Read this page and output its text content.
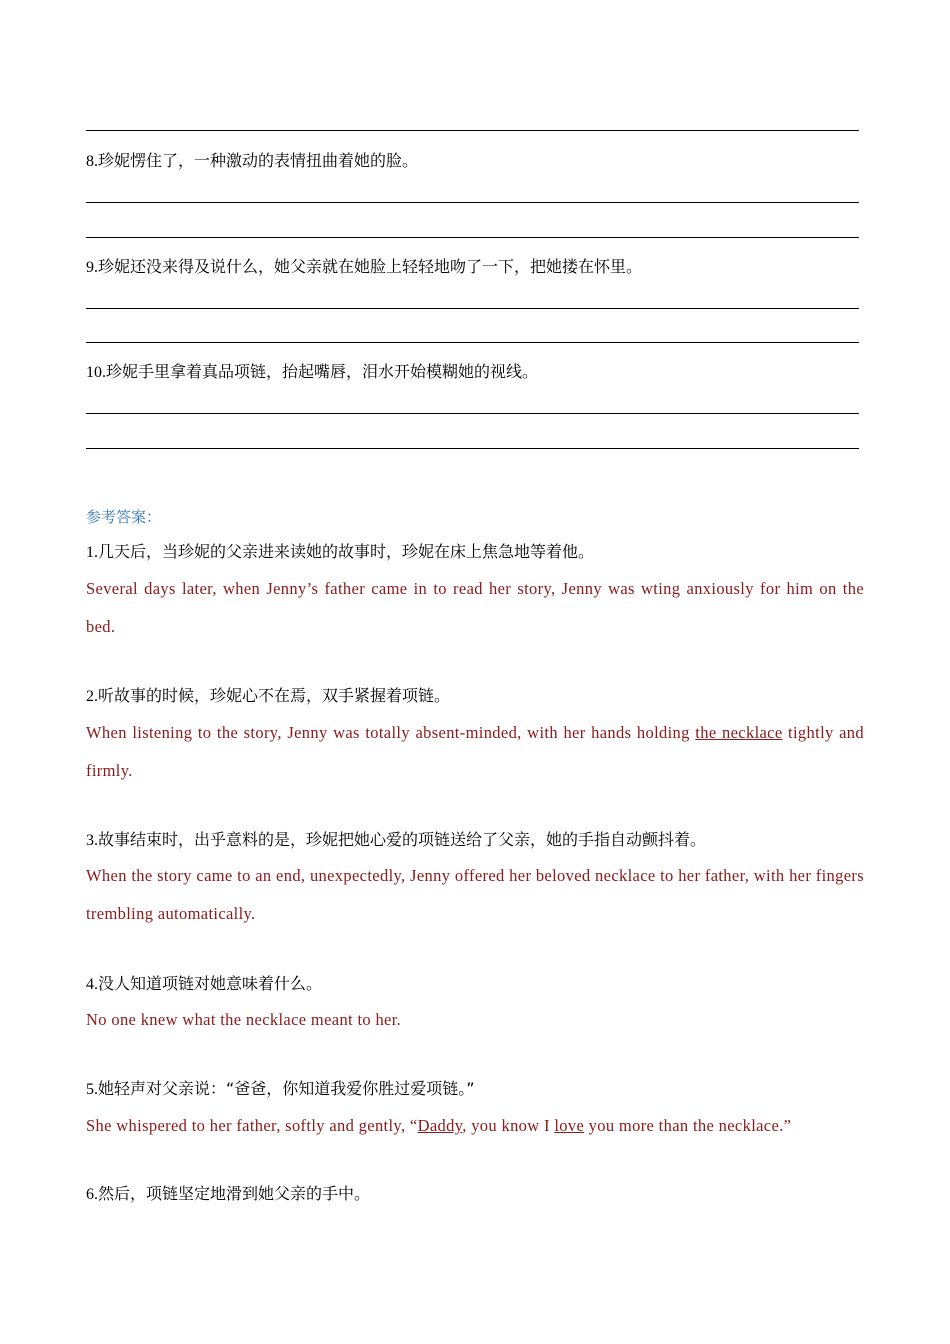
8.珍妮愣住了，一种激动的表情扭曲着她的脸。
9.珍妮还没来得及说什么，她父亲就在她脸上轻轻地吻了一下，把她搂在怀里。
10.珍妮手里拿着真品项链，抬起嘴唇，泪水开始模糊她的视线。
参考答案：
1.几天后，当珍妮的父亲进来读她的故事时，珍妮在床上焦急地等着他。
Several days later, when Jenny’s father came in to read her story, Jenny was wting anxiously for him on the bed.
2.听故事的时候，珍妮心不在焉，双手紧握着项链。
When listening to the story, Jenny was totally absent-minded, with her hands holding the necklace tightly and firmly.
3.故事结束时，出乎意料的是，珍妮把她心爱的项链送给了父亲，她的手指自动颤抖着。
When the story came to an end, unexpectedly, Jenny offered her beloved necklace to her father, with her fingers trembling automatically.
4.没人知道项链对她意味着什么。
No one knew what the necklace meant to her.
5.她轻声对父亲说：“爸爸，你知道我爱你胜过爱项链。”
She whispered to her father, softly and gently, “Daddy, you know I love you more than the necklace.”
6.然后，项链坚定地滑到她父亲的手中。
